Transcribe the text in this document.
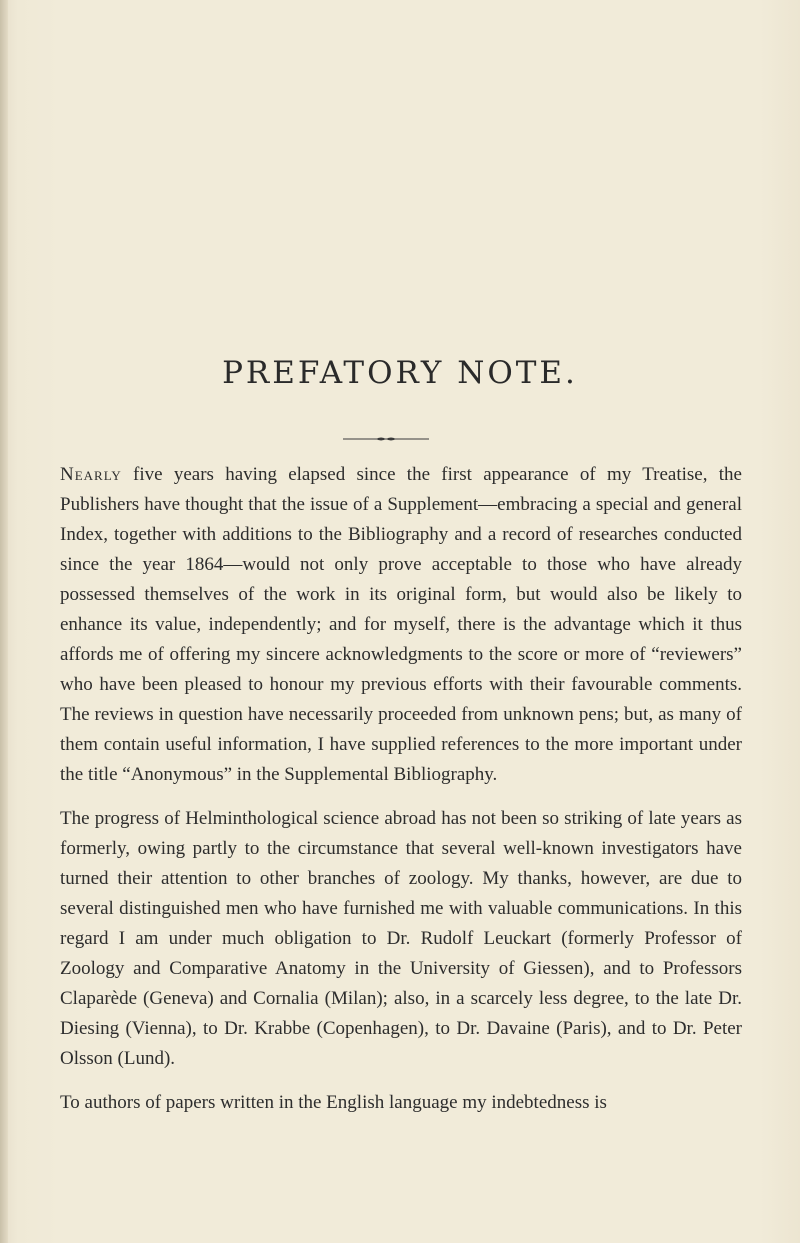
PREFATORY NOTE.

Nearly five years having elapsed since the first appearance of my Treatise, the Publishers have thought that the issue of a Supplement—embracing a special and general Index, together with additions to the Bibliography and a record of researches conducted since the year 1864—would not only prove acceptable to those who have already possessed themselves of the work in its original form, but would also be likely to enhance its value, independently; and for myself, there is the advantage which it thus affords me of offering my sincere acknowledgments to the score or more of “reviewers” who have been pleased to honour my previous efforts with their favourable comments. The reviews in question have necessarily proceeded from unknown pens; but, as many of them contain useful information, I have supplied references to the more important under the title “Anonymous” in the Supplemental Bibliography.

The progress of Helminthological science abroad has not been so striking of late years as formerly, owing partly to the circumstance that several well-known investigators have turned their attention to other branches of zoology. My thanks, however, are due to several distinguished men who have furnished me with valuable communications. In this regard I am under much obligation to Dr. Rudolf Leuckart (formerly Professor of Zoology and Comparative Anatomy in the University of Giessen), and to Professors Claparède (Geneva) and Cornalia (Milan); also, in a scarcely less degree, to the late Dr. Diesing (Vienna), to Dr. Krabbe (Copenhagen), to Dr. Davaine (Paris), and to Dr. Peter Olsson (Lund).

To authors of papers written in the English language my indebtedness is
